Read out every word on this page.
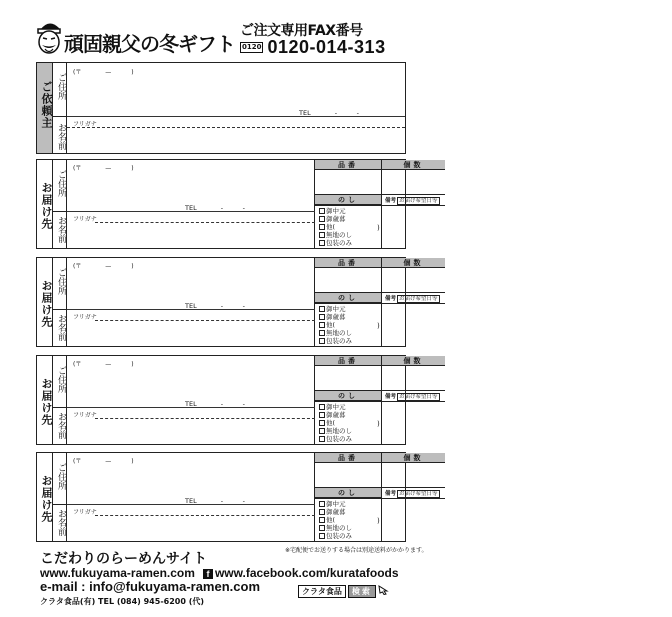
頑固親父の冬ギフト
ご注文専用FAX番号
0120 0120-014-313
ご依頼主 ご住所
お名前
(〒	—	)
TEL	-　　　-
フリガナ
お届け先 ご住所
お名前
(〒	—	)
TEL	-　　　-
フリガナ
品番	個数
のし	備考 お届け希望日等
御中元
御歳暮
他(
無地のし
包装のみ
)
お届け先 ご住所
お名前
(〒	—	)
TEL	-　　　-
フリガナ
品番	個数
のし	備考 お届け希望日等
御中元
御歳暮
他(
無地のし
包装のみ
)
お届け先 ご住所
お名前
(〒	—	)
TEL	-　　　-
フリガナ
品番	個数
のし	備考 お届け希望日等
御中元
御歳暮
他(
無地のし
包装のみ
)
お届け先 ご住所
お名前
(〒	—	)
TEL	-　　　-
フリガナ
品番	個数
のし	備考 お届け希望日等
御中元
御歳暮
他(
無地のし
包装のみ
)
※宅配便でお送りする場合は別途送料がかかります。
こだわりのらーめんサイト
www.fukuyama-ramen.com f www.facebook.com/kuratafoods
e-mail : info@fukuyama-ramen.com
クラタ食品(有) TEL (084) 945-6200 (代)
クラタ食品	検索
